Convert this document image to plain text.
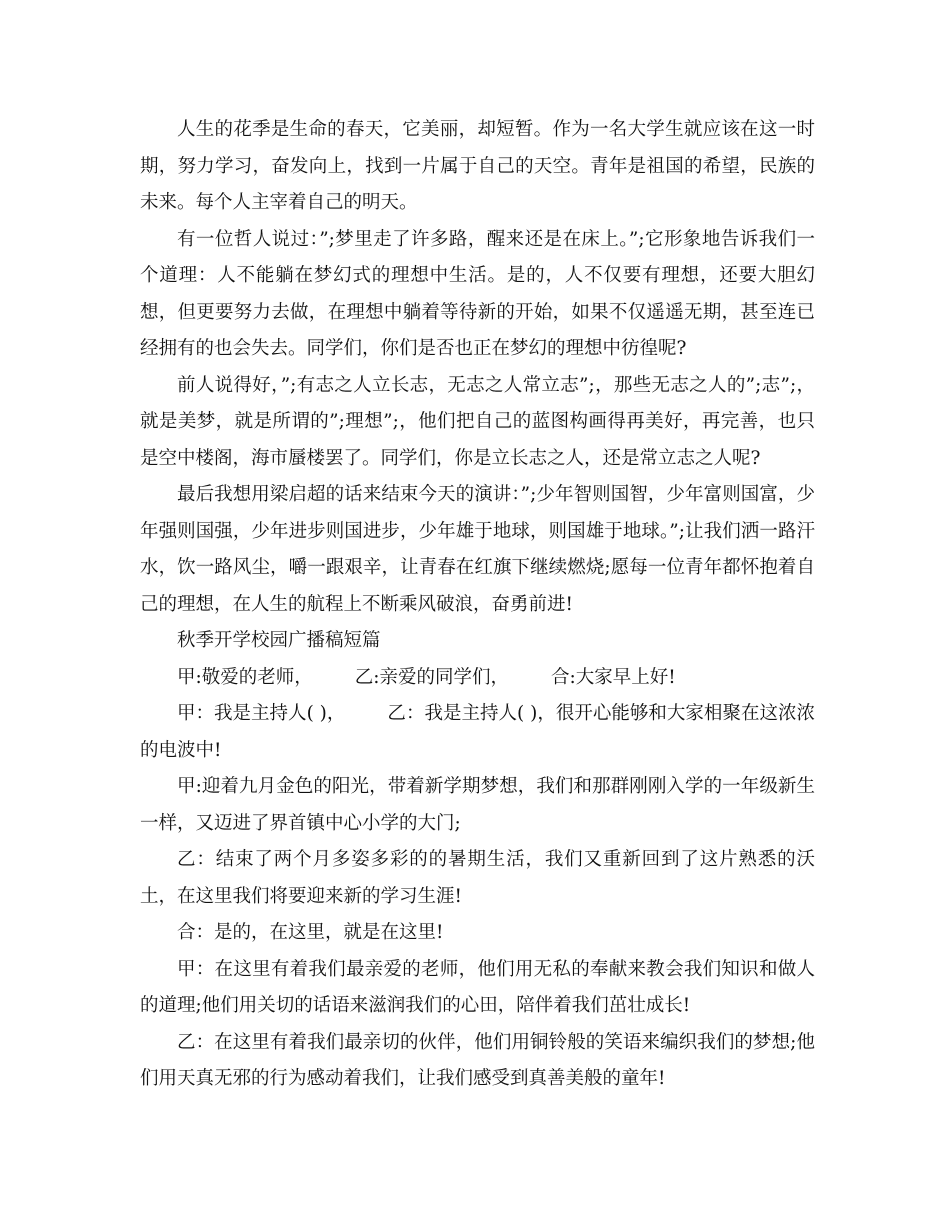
人生的花季是生命的春天，它美丽，却短暂。作为一名大学生就应该在这一时期，努力学习，奋发向上，找到一片属于自己的天空。青年是祖国的希望，民族的未来。每个人主宰着自己的明天。

有一位哲人说过：”;梦里走了许多路，醒来还是在床上。”;它形象地告诉我们一个道理：人不能躺在梦幻式的理想中生活。是的，人不仅要有理想，还要大胆幻想，但更要努力去做，在理想中躺着等待新的开始，如果不仅遥遥无期，甚至连已经拥有的也会失去。同学们，你们是否也正在梦幻的理想中彷徨呢?

前人说得好，”;有志之人立长志，无志之人常立志”;，那些无志之人的”;志”;，就是美梦，就是所谓的”;理想”;，他们把自己的蓝图构画得再美好，再完善，也只是空中楼阁，海市蜃楼罢了。同学们，你是立长志之人，还是常立志之人呢?

最后我想用梁启超的话来结束今天的演讲：”;少年智则国智，少年富则国富，少年强则国强，少年进步则国进步，少年雄于地球，则国雄于地球。”;让我们洒一路汗水，饮一路风尘，嚼一跟艰辛，让青春在红旗下继续燃烧;愿每一位青年都怀抱着自己的理想，在人生的航程上不断乘风破浪，奋勇前进!

秋季开学校园广播稿短篇

甲:敬爱的老师， 乙:亲爱的同学们， 合:大家早上好!

甲：我是主持人( )， 乙：我是主持人( )，很开心能够和大家相聚在这浓浓的电波中!

甲:迎着九月金色的阳光，带着新学期梦想，我们和那群刚刚入学的一年级新生一样，又迈进了界首镇中心小学的大门;

乙：结束了两个月多姿多彩的的暑期生活，我们又重新回到了这片熟悉的沃土，在这里我们将要迎来新的学习生涯!

合：是的，在这里，就是在这里!

甲：在这里有着我们最亲爱的老师，他们用无私的奉献来教会我们知识和做人的道理;他们用关切的话语来滋润我们的心田，陪伴着我们茁壮成长!

乙：在这里有着我们最亲切的伙伴，他们用铜铃般的笑语来编织我们的梦想;他们用天真无邪的行为感动着我们，让我们感受到真善美般的童年!
